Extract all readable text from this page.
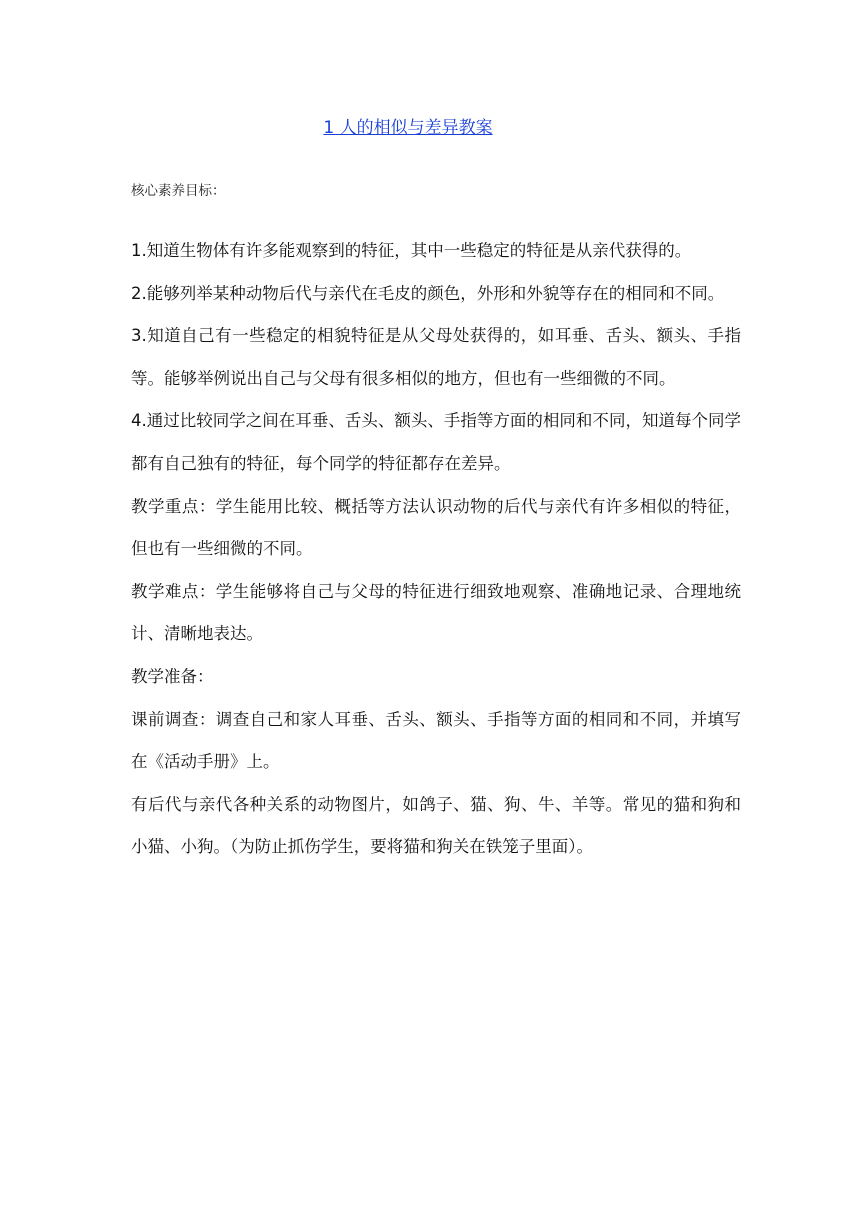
1 人的相似与差异教案
核心素养目标：

1.知道生物体有许多能观察到的特征，其中一些稳定的特征是从亲代获得的。

2.能够列举某种动物后代与亲代在毛皮的颜色，外形和外貌等存在的相同和不同。

3.知道自己有一些稳定的相貌特征是从父母处获得的，如耳垂、舌头、额头、手指等。能够举例说出自己与父母有很多相似的地方，但也有一些细微的不同。

4.通过比较同学之间在耳垂、舌头、额头、手指等方面的相同和不同，知道每个同学都有自己独有的特征，每个同学的特征都存在差异。

教学重点：学生能用比较、概括等方法认识动物的后代与亲代有许多相似的特征，但也有一些细微的不同。

教学难点：学生能够将自己与父母的特征进行细致地观察、准确地记录、合理地统计、清晰地表达。

教学准备：

课前调查：调查自己和家人耳垂、舌头、额头、手指等方面的相同和不同，并填写在《活动手册》上。

有后代与亲代各种关系的动物图片，如鸽子、猫、狗、牛、羊等。常见的猫和狗和小猫、小狗。（为防止抓伤学生，要将猫和狗关在铁笼子里面）。
